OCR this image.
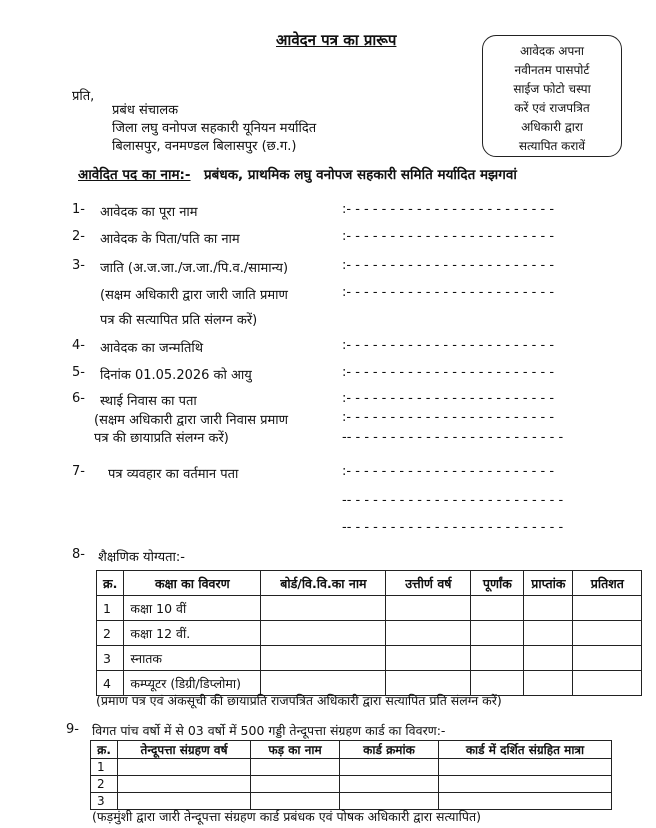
आवेदन पत्र का प्रारूप
आवेदक अपना
नवीनतम पासपोर्ट
साईज फोटो चस्पा
करें एवं राजपत्रित
अधिकारी द्वारा
सत्यापित करावें
प्रति,
प्रबंध संचालक
जिला लघु वनोपज सहकारी यूनियन मर्यादित
बिलासपुर, वनमण्डल बिलासपुर (छ.ग.)
आवेदित पद का नाम:- प्रबंधक, प्राथमिक लघु वनोपज सहकारी समिति मर्यादित मझगवां
1- आवेदक का पूरा नाम	:- - - - - - - - - - - - - - - - - - - - - - - -
2- आवेदक के पिता/पति का नाम	:- - - - - - - - - - - - - - - - - - - - - - - -
3- जाति (अ.ज.जा./ज.जा./पि.व./सामान्य)	:- - - - - - - - - - - - - - - - - - - - - - - -
(सक्षम अधिकारी द्वारा जारी जाति प्रमाण	:- - - - - - - - - - - - - - - - - - - - - - - -
पत्र की सत्यापित प्रति संलग्न करें)
4- आवेदक का जन्मतिथि	:- - - - - - - - - - - - - - - - - - - - - - - -
5- दिनांक 01.05.2026 को आयु	:- - - - - - - - - - - - - - - - - - - - - - - -
6- स्थाई निवास का पता	:- - - - - - - - - - - - - - - - - - - - - - - -
(सक्षम अधिकारी द्वारा जारी निवास प्रमाण	:- - - - - - - - - - - - - - - - - - - - - - - -
पत्र की छायाप्रति संलग्न करें)	-- - - - - - - - - - - - - - - - - - - - - - - - -
7- पत्र व्यवहार का वर्तमान पता	:- - - - - - - - - - - - - - - - - - - - - - - -
-- - - - - - - - - - - - - - - - - - - - - - - - -
-- - - - - - - - - - - - - - - - - - - - - - - - -
8- शैक्षणिक योग्यता:-
क्र.	कक्षा का विवरण	बोर्ड/वि.वि.का नाम	उत्तीर्ण वर्ष	पूर्णांक	प्राप्तांक	प्रतिशत
1	कक्षा 10 वीं					
2	कक्षा 12 वीं.					
3	स्नातक					
4	कम्प्यूटर (डिग्री/डिप्लोमा)					
(प्रमाण पत्र एवं अंकसूची की छायाप्रति राजपत्रित अधिकारी द्वारा सत्यापित प्रति संलग्न करें)
9- विगत पांच वर्षो में से 03 वर्षो में 500 गड्डी तेन्दूपत्ता संग्रहण कार्ड का विवरण:-
क्र.	तेन्दूपत्ता संग्रहण वर्ष	फड़ का नाम	कार्ड क्रमांक	कार्ड में दर्शित संग्रहित मात्रा
1				
2				
3				
(फड़मुंशी द्वारा जारी तेन्दूपत्ता संग्रहण कार्ड प्रबंधक एवं पोषक अधिकारी द्वारा सत्यापित)
